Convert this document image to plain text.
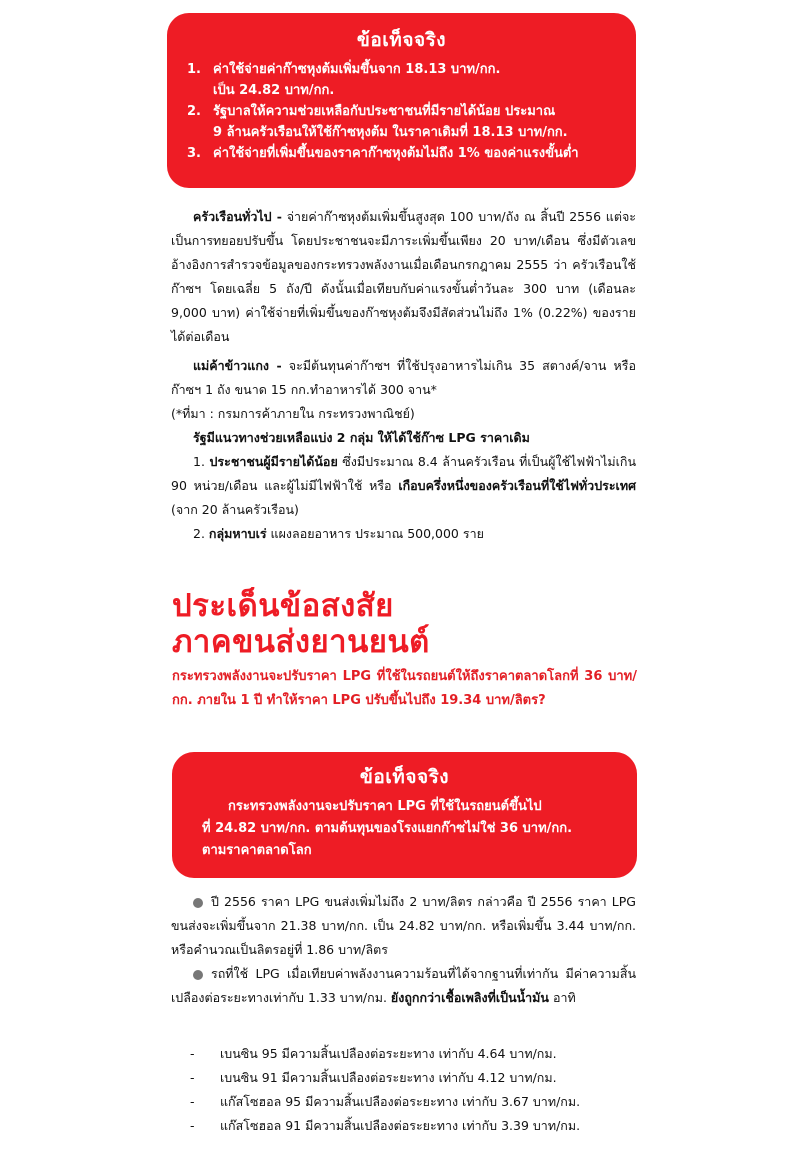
ข้อเท็จจริง
1. ค่าใช้จ่ายค่าก๊าซหุงต้มเพิ่มขึ้นจาก 18.13 บาท/กก.
เป็น 24.82 บาท/กก.
2. รัฐบาลให้ความช่วยเหลือกับประชาชนที่มีรายได้น้อย ประมาณ
9 ล้านครัวเรือนให้ใช้ก๊าซหุงต้ม ในราคาเดิมที่ 18.13 บาท/กก.
3. ค่าใช้จ่ายที่เพิ่มขึ้นของราคาก๊าซหุงต้มไม่ถึง 1% ของค่าแรงขั้นต่ำ
ครัวเรือนทั่วไป - จ่ายค่าก๊าซหุงต้มเพิ่มขึ้นสูงสุด 100 บาท/ถัง ณ สิ้นปี 2556 แต่จะเป็นการทยอยปรับขึ้น โดยประชาชนจะมีภาระเพิ่มขึ้นเพียง 20 บาท/เดือน ซึ่งมีตัวเลขอ้างอิงการสำรวจข้อมูลของกระทรวงพลังงานเมื่อเดือนกรกฎาคม 2555 ว่า ครัวเรือนใช้ก๊าซฯ โดยเฉลี่ย 5 ถัง/ปี ดังนั้นเมื่อเทียบกับค่าแรงขั้นต่ำวันละ 300 บาท (เดือนละ 9,000 บาท) ค่าใช้จ่ายที่เพิ่มขึ้นของก๊าซหุงต้มจึงมีสัดส่วนไม่ถึง 1% (0.22%) ของรายได้ต่อเดือน
แม่ค้าข้าวแกง - จะมีต้นทุนค่าก๊าซฯ ที่ใช้ปรุงอาหารไม่เกิน 35 สตางค์/จาน หรือ ก๊าซฯ 1 ถัง ขนาด 15 กก.ทำอาหารได้ 300 จาน*
(*ที่มา : กรมการค้าภายใน กระทรวงพาณิชย์)
รัฐมีแนวทางช่วยเหลือแบ่ง 2 กลุ่ม ให้ได้ใช้ก๊าซ LPG ราคาเดิม
1. ประชาชนผู้มีรายได้น้อย ซึ่งมีประมาณ 8.4 ล้านครัวเรือน ที่เป็นผู้ใช้ไฟฟ้าไม่เกิน 90 หน่วย/เดือน และผู้ไม่มีไฟฟ้าใช้ หรือ เกือบครึ่งหนึ่งของครัวเรือนที่ใช้ไฟทั่วประเทศ (จาก 20 ล้านครัวเรือน)
2. กลุ่มหาบเร่ แผงลอยอาหาร ประมาณ 500,000 ราย
ประเด็นข้อสงสัย
ภาคขนส่งยานยนต์
กระทรวงพลังงานจะปรับราคา LPG ที่ใช้ในรถยนต์ให้ถึงราคาตลาดโลกที่ 36 บาท/กก. ภายใน 1 ปี ทำให้ราคา LPG ปรับขึ้นไปถึง 19.34 บาท/ลิตร?
ข้อเท็จจริง
กระทรวงพลังงานจะปรับราคา LPG ที่ใช้ในรถยนต์ขึ้นไป
ที่ 24.82 บาท/กก. ตามต้นทุนของโรงแยกก๊าซไม่ใช่ 36 บาท/กก.
ตามราคาตลาดโลก
ปี 2556 ราคา LPG ขนส่งเพิ่มไม่ถึง 2 บาท/ลิตร กล่าวคือ ปี 2556 ราคา LPG ขนส่งจะเพิ่มขึ้นจาก 21.38 บาท/กก. เป็น 24.82 บาท/กก. หรือเพิ่มขึ้น 3.44 บาท/กก. หรือคำนวณเป็นลิตรอยู่ที่ 1.86 บาท/ลิตร
รถที่ใช้ LPG เมื่อเทียบค่าพลังงานความร้อนที่ได้จากฐานที่เท่ากัน มีค่าความสิ้นเปลืองต่อระยะทางเท่ากับ 1.33 บาท/กม. ยังถูกกว่าเชื้อเพลิงที่เป็นน้ำมัน อาทิ
-	เบนซิน 95 มีความสิ้นเปลืองต่อระยะทาง เท่ากับ 4.64 บาท/กม.
-	เบนซิน 91 มีความสิ้นเปลืองต่อระยะทาง เท่ากับ 4.12 บาท/กม.
-	แก๊สโซฮอล 95 มีความสิ้นเปลืองต่อระยะทาง เท่ากับ 3.67 บาท/กม.
-	แก๊สโซฮอล 91 มีความสิ้นเปลืองต่อระยะทาง เท่ากับ 3.39 บาท/กม.
